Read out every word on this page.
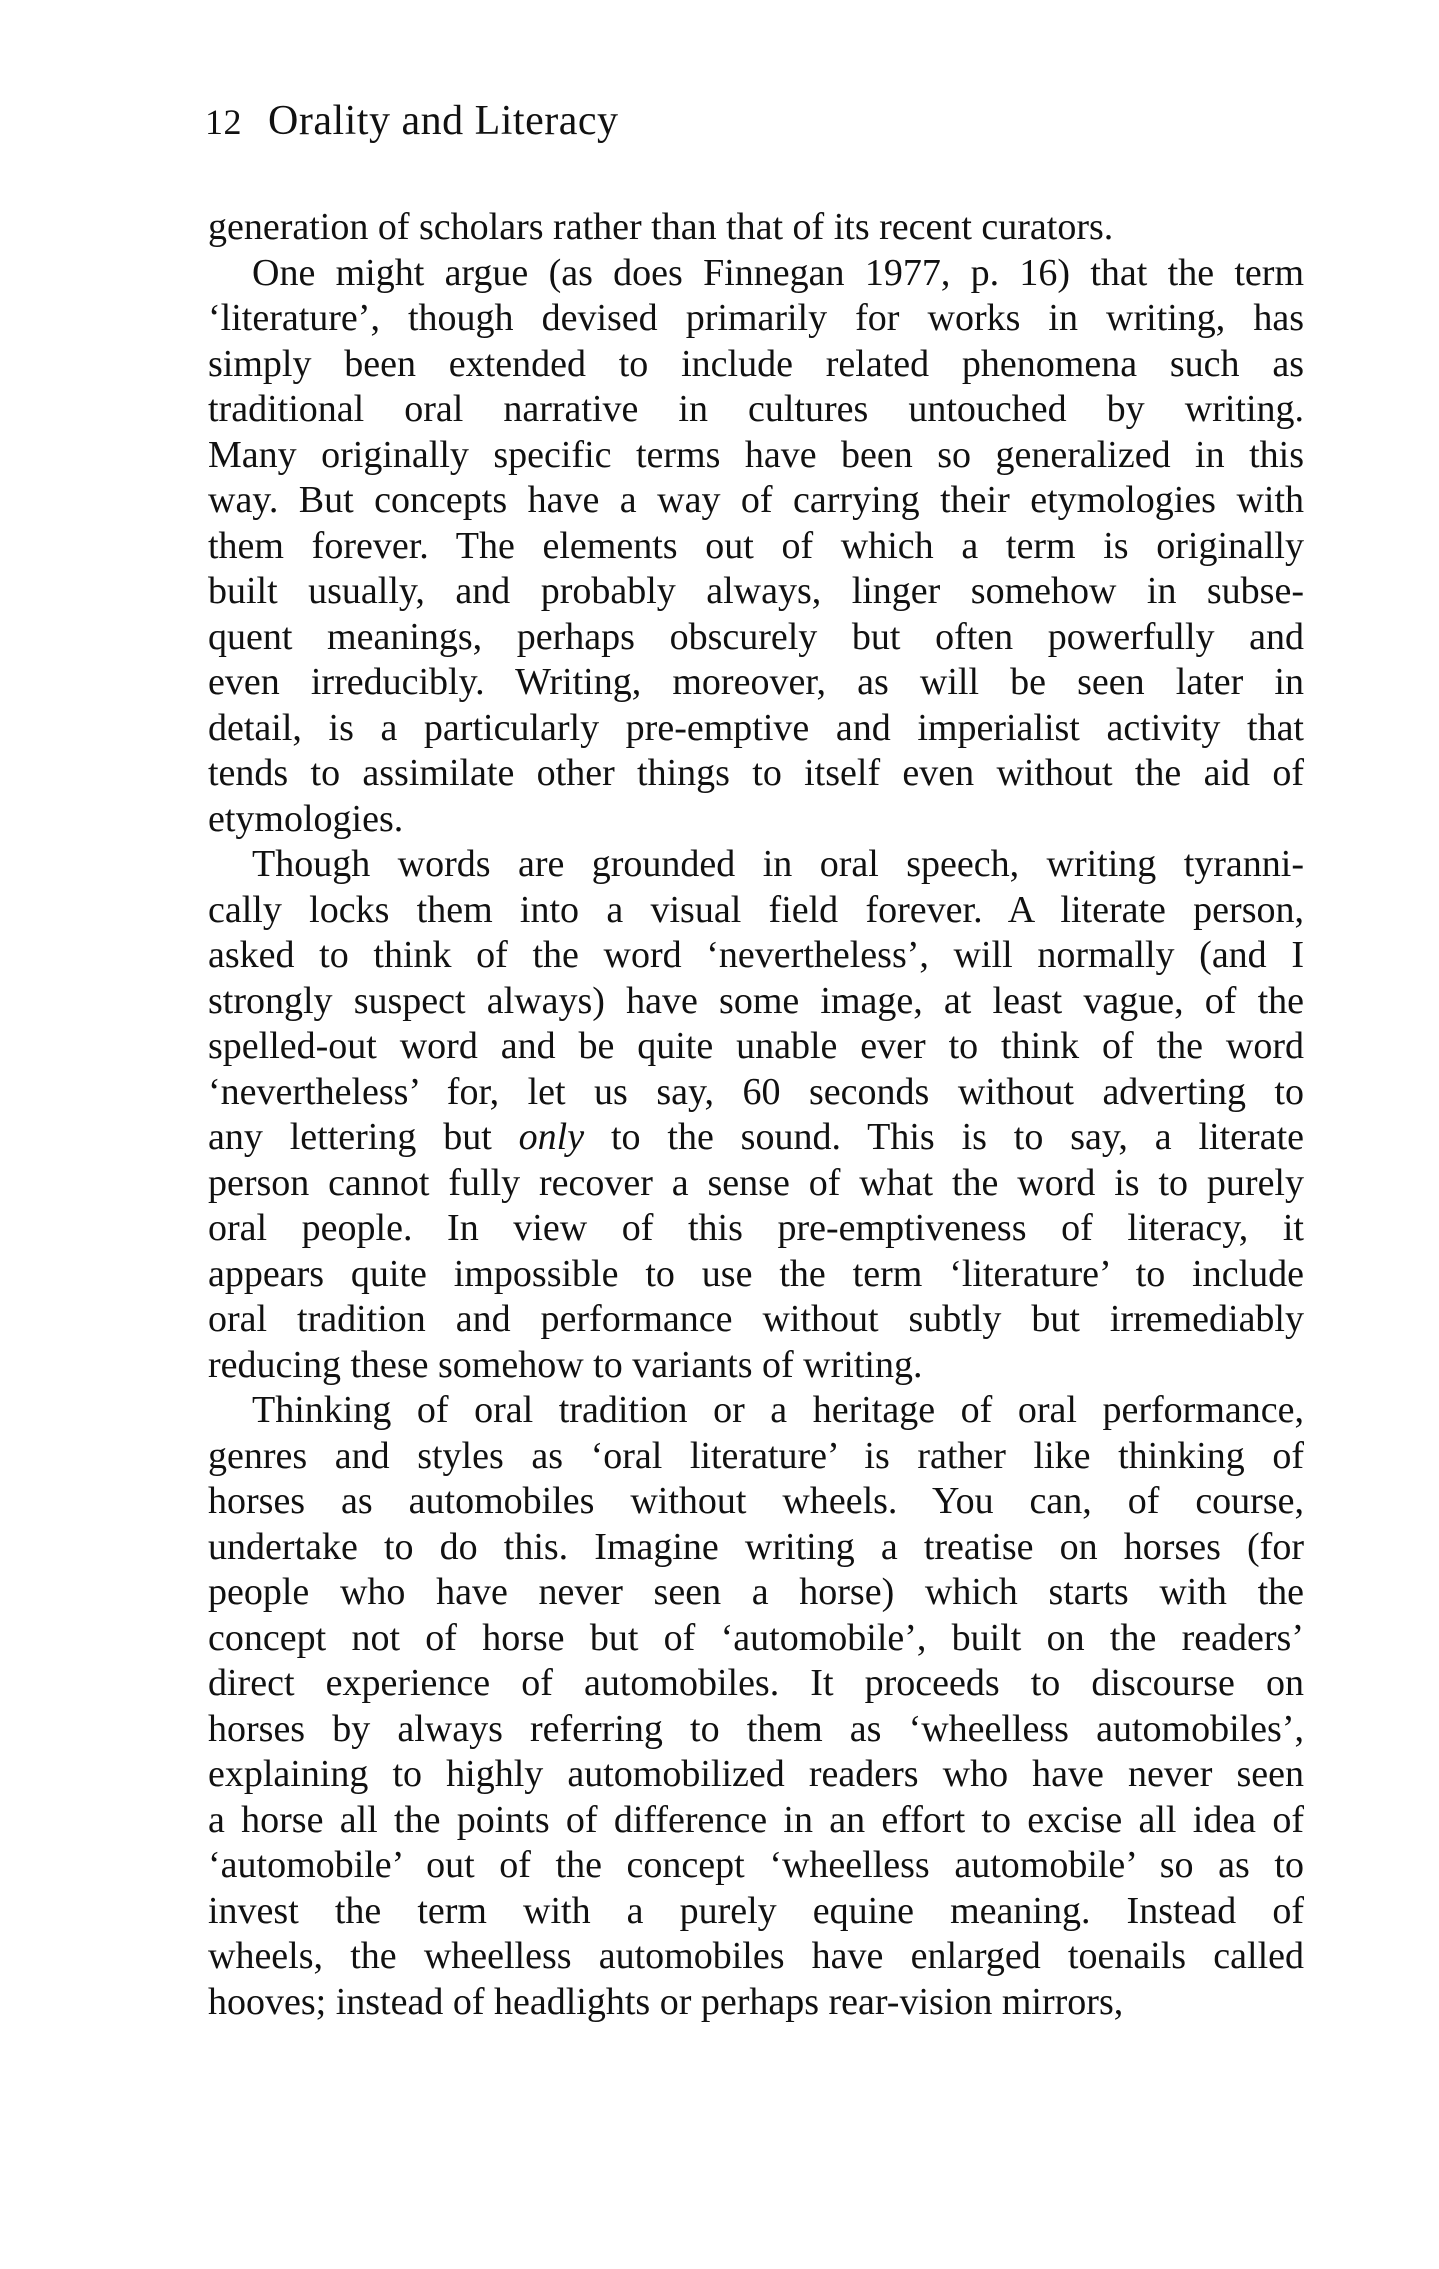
12 Orality and Literacy
generation of scholars rather than that of its recent curators.
One might argue (as does Finnegan 1977, p. 16) that the term
‘literature’, though devised primarily for works in writing, has
simply been extended to include related phenomena such as
traditional oral narrative in cultures untouched by writing.
Many originally specific terms have been so generalized in this
way. But concepts have a way of carrying their etymologies with
them forever. The elements out of which a term is originally
built usually, and probably always, linger somehow in subse-
quent meanings, perhaps obscurely but often powerfully and
even irreducibly. Writing, moreover, as will be seen later in
detail, is a particularly pre-emptive and imperialist activity that
tends to assimilate other things to itself even without the aid of
etymologies.
Though words are grounded in oral speech, writing tyranni-
cally locks them into a visual field forever. A literate person,
asked to think of the word ‘nevertheless’, will normally (and I
strongly suspect always) have some image, at least vague, of the
spelled-out word and be quite unable ever to think of the word
‘nevertheless’ for, let us say, 60 seconds without adverting to
any lettering but only to the sound. This is to say, a literate
person cannot fully recover a sense of what the word is to purely
oral people. In view of this pre-emptiveness of literacy, it
appears quite impossible to use the term ‘literature’ to include
oral tradition and performance without subtly but irremediably
reducing these somehow to variants of writing.
Thinking of oral tradition or a heritage of oral performance,
genres and styles as ‘oral literature’ is rather like thinking of
horses as automobiles without wheels. You can, of course,
undertake to do this. Imagine writing a treatise on horses (for
people who have never seen a horse) which starts with the
concept not of horse but of ‘automobile’, built on the readers’
direct experience of automobiles. It proceeds to discourse on
horses by always referring to them as ‘wheelless automobiles’,
explaining to highly automobilized readers who have never seen
a horse all the points of difference in an effort to excise all idea of
‘automobile’ out of the concept ‘wheelless automobile’ so as to
invest the term with a purely equine meaning. Instead of
wheels, the wheelless automobiles have enlarged toenails called
hooves; instead of headlights or perhaps rear-vision mirrors,
